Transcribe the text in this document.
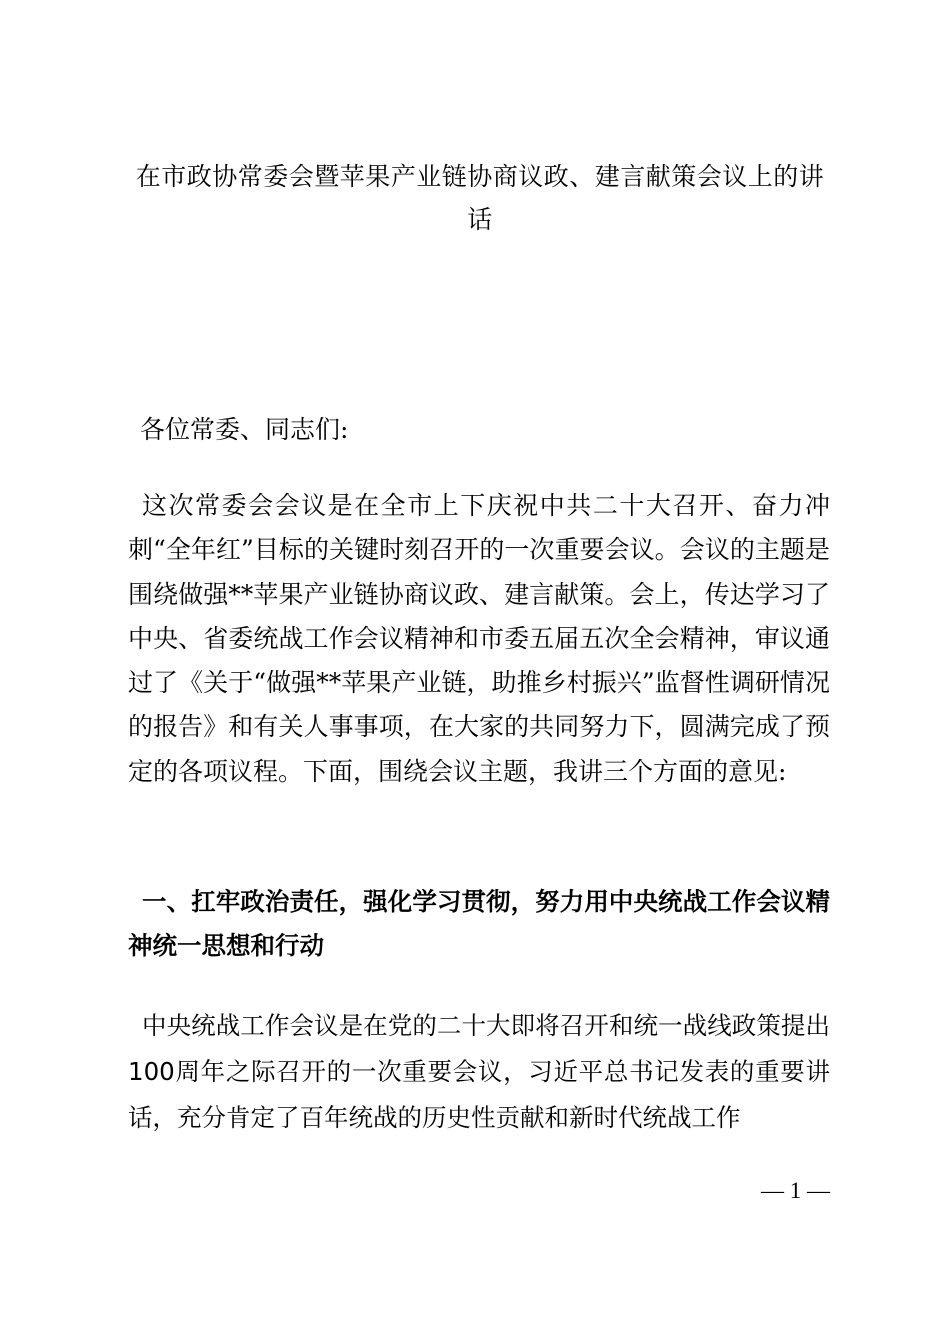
在市政协常委会暨苹果产业链协商议政、建言献策会议上的讲话
各位常委、同志们:
这次常委会会议是在全市上下庆祝中共二十大召开、奋力冲刺“全年红”目标的关键时刻召开的一次重要会议。会议的主题是围绕做强**苹果产业链协商议政、建言献策。会上，传达学习了中央、省委统战工作会议精神和市委五届五次全会精神，审议通过了《关于“做强**苹果产业链，助推乡村振兴”监督性调研情况的报告》和有关人事事项，在大家的共同努力下，圆满完成了预定的各项议程。下面，围绕会议主题，我讲三个方面的意见:
一、扛牢政治责任，强化学习贯彻，努力用中央统战工作会议精神统一思想和行动
中央统战工作会议是在党的二十大即将召开和统一战线政策提出100周年之际召开的一次重要会议，习近平总书记发表的重要讲话，充分肯定了百年统战的历史性贡献和新时代统战工作
— 1 —
